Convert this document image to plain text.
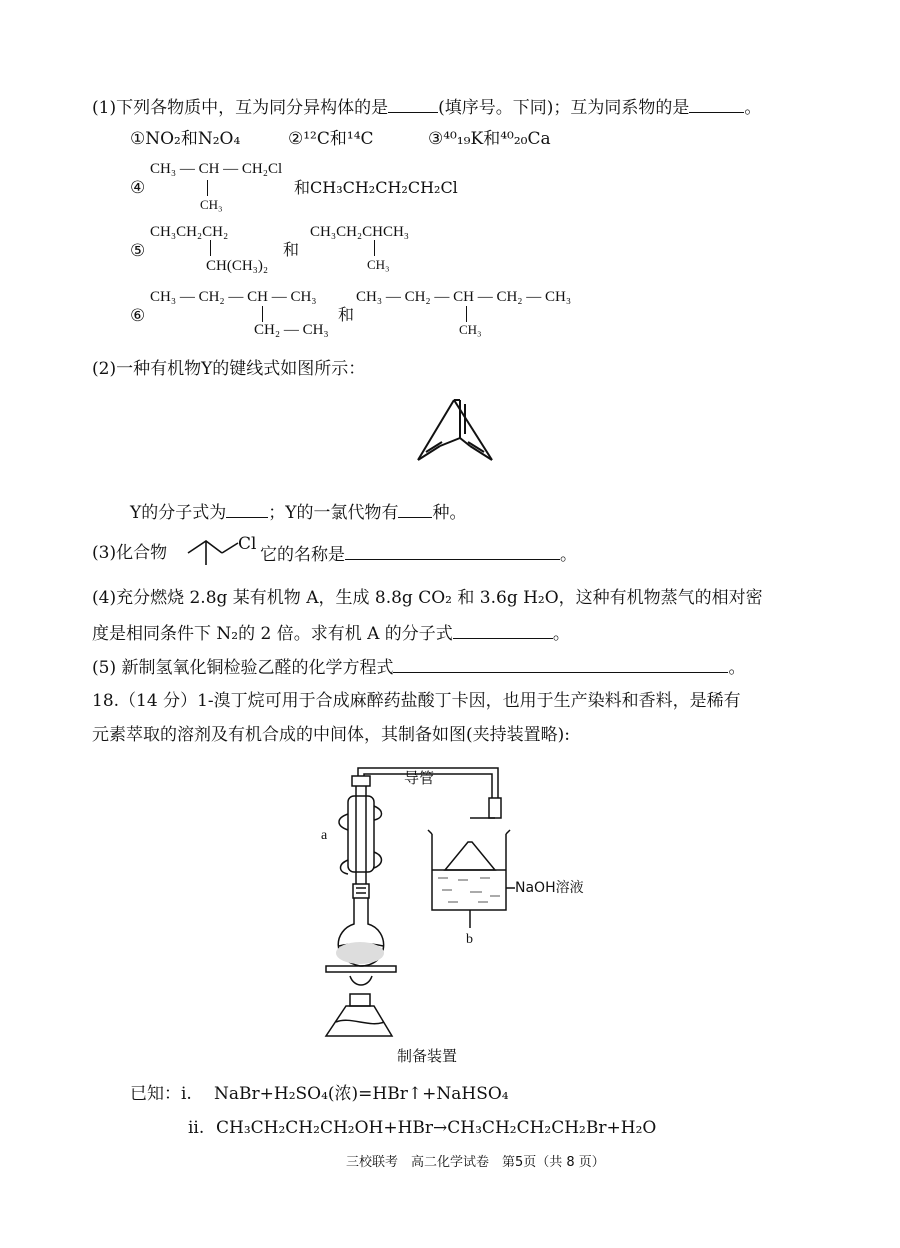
(1)下列各物质中，互为同分异构体的是	(填序号。下同)；互为同系物的是	。
①NO₂和N₂O₄	②¹²C和¹⁴C	③⁴⁰₁₉K和⁴⁰₂₀Ca
④
CH₃ — CH — CH₂Cl
CH₃
和CH₃CH₂CH₂CH₂Cl
⑤
CH₃CH₂CH₂
CH(CH₃)₂
和
CH₃CH₂CHCH₃
CH₃
⑥
CH₃ — CH₂ — CH — CH₃
CH₂ — CH₃
和
CH₃ — CH₂ — CH — CH₂ — CH₃
CH₃
(2)一种有机物Y的键线式如图所示：
Y的分子式为 ；Y的一氯代物有 种。
(3)化合物	Cl
它的名称是	。
(4)充分燃烧 2.8g 某有机物 A，生成 8.8g CO₂ 和 3.6g H₂O，这种有机物蒸气的相对密
度是相同条件下 N₂的 2 倍。求有机 A 的分子式	。
(5) 新制氢氧化铜检验乙醛的化学方程式	。
18.（14 分）1-溴丁烷可用于合成麻醉药盐酸丁卡因，也用于生产染料和香料，是稀有
元素萃取的溶剂及有机合成的中间体，其制备如图(夹持装置略):
导管
a
NaOH溶液
b
制备装置
已知：i. NaBr+H₂SO₄(浓)=HBr↑+NaHSO₄
ii. CH₃CH₂CH₂CH₂OH+HBr→CH₃CH₂CH₂CH₂Br+H₂O
三校联考　高二化学试卷　第5页（共 8 页）
